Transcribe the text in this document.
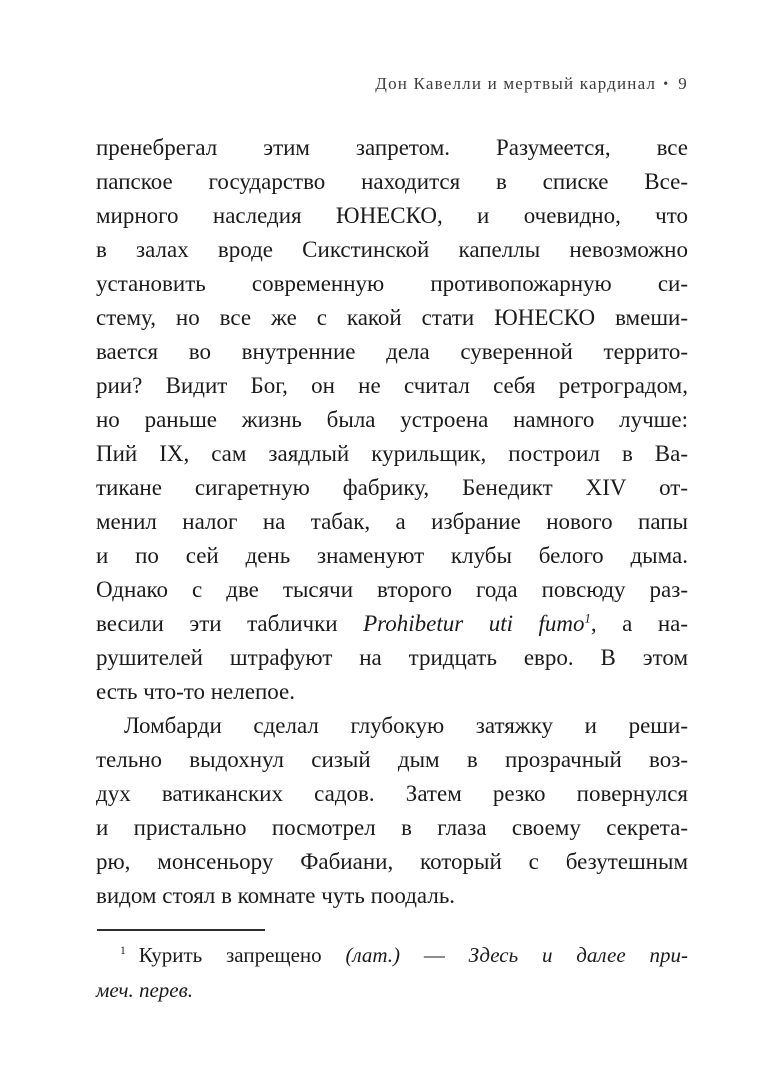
Дон Кавелли и мертвый кардинал • 9
пренебрегал этим запретом. Разумеется, все
папское государство находится в списке Все-
мирного наследия ЮНЕСКО, и очевидно, что
в залах вроде Сикстинской капеллы невозможно
установить современную противопожарную си-
стему, но все же с какой стати ЮНЕСКО вмеши-
вается во внутренние дела суверенной террито-
рии? Видит Бог, он не считал себя ретроградом,
но раньше жизнь была устроена намного лучше:
Пий IX, сам заядлый курильщик, построил в Ва-
тикане сигаретную фабрику, Бенедикт XIV от-
менил налог на табак, а избрание нового папы
и по сей день знаменуют клубы белого дыма.
Однако с две тысячи второго года повсюду раз-
весили эти таблички Prohibetur uti fumo$^1$, а на-
рушителей штрафуют на тридцать евро. В этом
есть что-то нелепое.
Ломбарди сделал глубокую затяжку и реши-
тельно выдохнул сизый дым в прозрачный воз-
дух ватиканских садов. Затем резко повернулся
и пристально посмотрел в глаза своему секрета-
рю, монсеньору Фабиани, который с безутешным
видом стоял в комнате чуть поодаль.
$^1$ Курить запрещено (лат.) — Здесь и далее при-
меч. перев.
